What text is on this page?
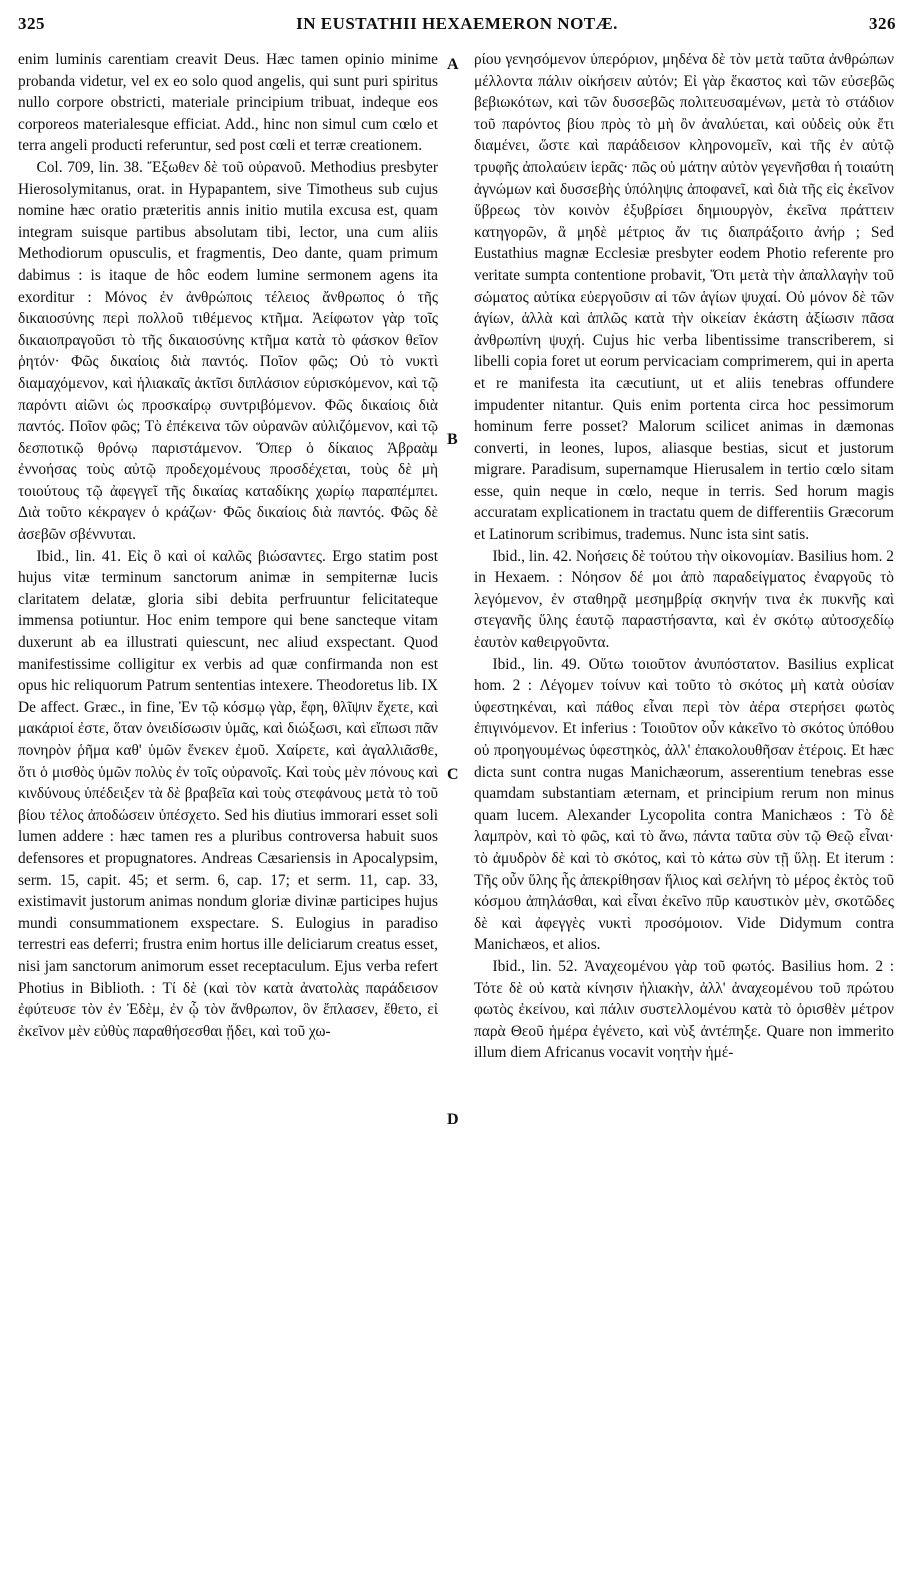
325	IN EUSTATHII HEXAEMERON NOTÆ.	326
A
B
C
D

enim luminis carentiam creavit Deus. Hæc tamen opinio minime probanda videtur, vel ex eo solo quod angelis, qui sunt puri spiritus nullo corpore obstricti, materiale principium tribuat, indeque eos corporeos materialesque efficiat. Add., hinc non simul cum cœlo et terra angeli producti referuntur, sed post cœli et terræ creationem.

Col. 709, lin. 38. Ἔξωθεν δὲ τοῦ οὐρανοῦ. Methodius presbyter Hierosolymitanus, orat. in Hypapantem, sive Timotheus sub cujus nomine hæc oratio præteritis annis initio mutila excusa est, quam integram suisque partibus absolutam tibi, lector, una cum aliis Methodiorum opusculis, et fragmentis, Deo dante, quam primum dabimus : is itaque de hôc eodem lumine sermonem agens ita exorditur : Μόνος ἐν ἀνθρώποις τέλειος ἄνθρωπος ὁ τῆς δικαιοσύνης περὶ πολλοῦ τιθέμενος κτῆμα. Ἀείφωτον γὰρ τοῖς δικαιοπραγοῦσι τὸ τῆς δικαιοσύνης κτῆμα κατὰ τὸ φάσκον θεῖον ῥητόν· Φῶς δικαίοις διὰ παντός. Ποῖον φῶς; Οὐ τὸ νυκτὶ διαμαχόμενον, καὶ ἡλιακαῖς ἀκτῖσι διπλάσιον εὑρισκόμενον, καὶ τῷ παρόντι αἰῶνι ὡς προσκαίρῳ συντριβόμενον. Φῶς δικαίοις διὰ παντός. Ποῖον φῶς; Τὸ ἐπέκεινα τῶν οὐρανῶν αὐλιζόμενον, καὶ τῷ δεσποτικῷ θρόνῳ παριστάμενον. Ὅπερ ὁ δίκαιος Ἀβραὰμ ἐννοήσας τοὺς αὐτῷ προδεχομένους προσδέχεται, τοὺς δὲ μὴ τοιούτους τῷ ἀφεγγεῖ τῆς δικαίας καταδίκης χωρίῳ παραπέμπει. Διὰ τοῦτο κέκραγεν ὁ κράζων· Φῶς δικαίοις διὰ παντός. Φῶς δὲ ἀσεβῶν σβέννυται.

Ibid., lin. 41. Εἰς ὃ καὶ οἱ καλῶς βιώσαντες. Ergo statim post hujus vitæ terminum sanctorum animæ in sempiternæ lucis claritatem delatæ, gloria sibi debita perfruuntur felicitateque immensa potiuntur. Hoc enim tempore qui bene sancteque vitam duxerunt ab ea illustrati quiescunt, nec aliud exspectant. Quod manifestissime colligitur ex verbis ad quæ confirmanda non est opus hic reliquorum Patrum sententias intexere. Theodoretus lib. IX De affect. Græc., in fine, Ἐν τῷ κόσμῳ γὰρ, ἔφη, θλῖψιν ἔχετε, καὶ μακάριοί ἐστε, ὅταν ὀνειδίσωσιν ὑμᾶς, καὶ διώξωσι, καὶ εἴπωσι πᾶν πονηρὸν ῥῆμα καθ' ὑμῶν ἕνεκεν ἐμοῦ. Χαίρετε, καὶ ἀγαλλιᾶσθε, ὅτι ὁ μισθὸς ὑμῶν πολὺς ἐν τοῖς οὐρανοῖς. Καὶ τοὺς μὲν πόνους καὶ κινδύνους ὑπέδειξεν τὰ δὲ βραβεῖα καὶ τοὺς στεφάνους μετὰ τὸ τοῦ βίου τέλος ἀποδώσειν ὑπέσχετο. Sed his diutius immorari esset soli lumen addere : hæc tamen res a pluribus controversa habuit suos defensores et propugnatores. Andreas Cæsariensis in Apocalypsim, serm. 15, capit. 45; et serm. 6, cap. 17; et serm. 11, cap. 33, existimavit justorum animas nondum gloriæ divinæ participes hujus mundi consummationem exspectare. S. Eulogius in paradiso terrestri eas deferri; frustra enim hortus ille deliciarum creatus esset, nisi jam sanctorum animorum esset receptaculum. Ejus verba refert Photius in Biblioth. : Τί δὲ (καὶ τὸν κατὰ ἀνατολὰς παράδεισον ἐφύτευσε τὸν ἐν Ἐδὲμ, ἐν ᾧ τὸν ἄνθρωπον, ὃν ἔπλασεν, ἔθετο, εἰ ἐκεῖνον μὲν εὐθὺς παραθήσεσθαι ᾔδει, καὶ τοῦ χω-

ρίου γενησόμενον ὑπερόριον, μηδένα δὲ τὸν μετὰ ταῦτα ἀνθρώπων μέλλοντα πάλιν οἰκήσειν αὐτόν; Εἰ γὰρ ἕκαστος καὶ τῶν εὐσεβῶς βεβιωκότων, καὶ τῶν δυσσεβῶς πολιτευσαμένων, μετὰ τὸ στάδιον τοῦ παρόντος βίου πρὸς τὸ μὴ ὂν ἀναλύεται, καὶ οὐδεὶς οὐκ ἔτι διαμένει, ὥστε καὶ παράδεισον κληρονομεῖν, καὶ τῆς ἐν αὐτῷ τρυφῆς ἀπολαύειν ἱερᾶς· πῶς οὐ μάτην αὐτὸν γεγενῆσθαι ἡ τοιαύτη ἀγνώμων καὶ δυσσεβὴς ὑπόληψις ἀποφανεῖ, καὶ διὰ τῆς εἰς ἐκεῖνον ὕβρεως τὸν κοινὸν ἐξυβρίσει δημιουργὸν, ἐκεῖνα πράττειν κατηγορῶν, ἃ μηδὲ μέτριος ἄν τις διαπράξοιτο ἀνήρ ; Sed Eustathius magnæ Ecclesiæ presbyter eodem Photio referente pro veritate sumpta contentione probavit, Ὅτι μετὰ τὴν ἀπαλλαγὴν τοῦ σώματος αὐτίκα εὐεργοῦσιν αἱ τῶν ἁγίων ψυχαί. Οὐ μόνον δὲ τῶν ἁγίων, ἀλλὰ καὶ ἁπλῶς κατὰ τὴν οἰκείαν ἑκάστη ἀξίωσιν πᾶσα ἀνθρωπίνη ψυχή. Cujus hic verba libentissime transcriberem, si libelli copia foret ut eorum pervicaciam comprimerem, qui in aperta et re manifesta ita cæcutiunt, ut et aliis tenebras offundere impudenter nitantur. Quis enim portenta circa hoc pessimorum hominum ferre posset? Malorum scilicet animas in dæmonas converti, in leones, lupos, aliasque bestias, sicut et justorum migrare. Paradisum, supernamque Hierusalem in tertio cœlo sitam esse, quin neque in cœlo, neque in terris. Sed horum magis accuratam explicationem in tractatu quem de differentiis Græcorum et Latinorum scribimus, trademus. Nunc ista sint satis.

Ibid., lin. 42. Νοήσεις δὲ τούτου τὴν οἰκονομίαν. Basilius hom. 2 in Hexaem. : Νόησον δέ μοι ἀπὸ παραδείγματος ἐναργοῦς τὸ λεγόμενον, ἐν σταθηρᾷ μεσημβρίᾳ σκηνήν τινα ἐκ πυκνῆς καὶ στεγανῆς ὕλης ἑαυτῷ παραστήσαντα, καὶ ἐν σκότῳ αὐτοσχεδίῳ ἑαυτὸν καθειργοῦντα.

Ibid., lin. 49. Οὕτω τοιοῦτον ἀνυπόστατον. Basilius explicat hom. 2 : Λέγομεν τοίνυν καὶ τοῦτο τὸ σκότος μὴ κατὰ οὐσίαν ὑφεστηκέναι, καὶ πάθος εἶναι περὶ τὸν ἀέρα στερήσει φωτὸς ἐπιγινόμενον. Et inferius : Τοιοῦτον οὖν κἀκεῖνο τὸ σκότος ὑπόθου οὐ προηγουμένως ὑφεστηκὸς, ἀλλ' ἐπακολουθῆσαν ἑτέροις. Et hæc dicta sunt contra nugas Manichæorum, asserentium tenebras esse quamdam substantiam æternam, et principium rerum non minus quam lucem. Alexander Lycopolita contra Manichæos : Τὸ δὲ λαμπρὸν, καὶ τὸ φῶς, καὶ τὸ ἄνω, πάντα ταῦτα σὺν τῷ Θεῷ εἶναι· τὸ ἀμυδρὸν δὲ καὶ τὸ σκότος, καὶ τὸ κάτω σὺν τῇ ὕλῃ. Et iterum : Τῆς οὖν ὕλης ἧς ἀπεκρίθησαν ἥλιος καὶ σελήνη τὸ μέρος ἐκτὸς τοῦ κόσμου ἀπηλάσθαι, καὶ εἶναι ἐκεῖνο πῦρ καυστικὸν μὲν, σκοτῶδες δὲ καὶ ἀφεγγὲς νυκτὶ προσόμοιον. Vide Didymum contra Manichæos, et alios.

Ibid., lin. 52. Ἀναχεομένου γὰρ τοῦ φωτός. Basilius hom. 2 : Τότε δὲ οὐ κατὰ κίνησιν ἡλιακὴν, ἀλλ' ἀναχεομένου τοῦ πρώτου φωτὸς ἐκείνου, καὶ πάλιν συστελλομένου κατὰ τὸ ὁρισθὲν μέτρον παρὰ Θεοῦ ἡμέρα ἐγένετο, καὶ νὺξ ἀντέπηξε. Quare non immerito illum diem Africanus vocavit νοητὴν ἡμέ-
